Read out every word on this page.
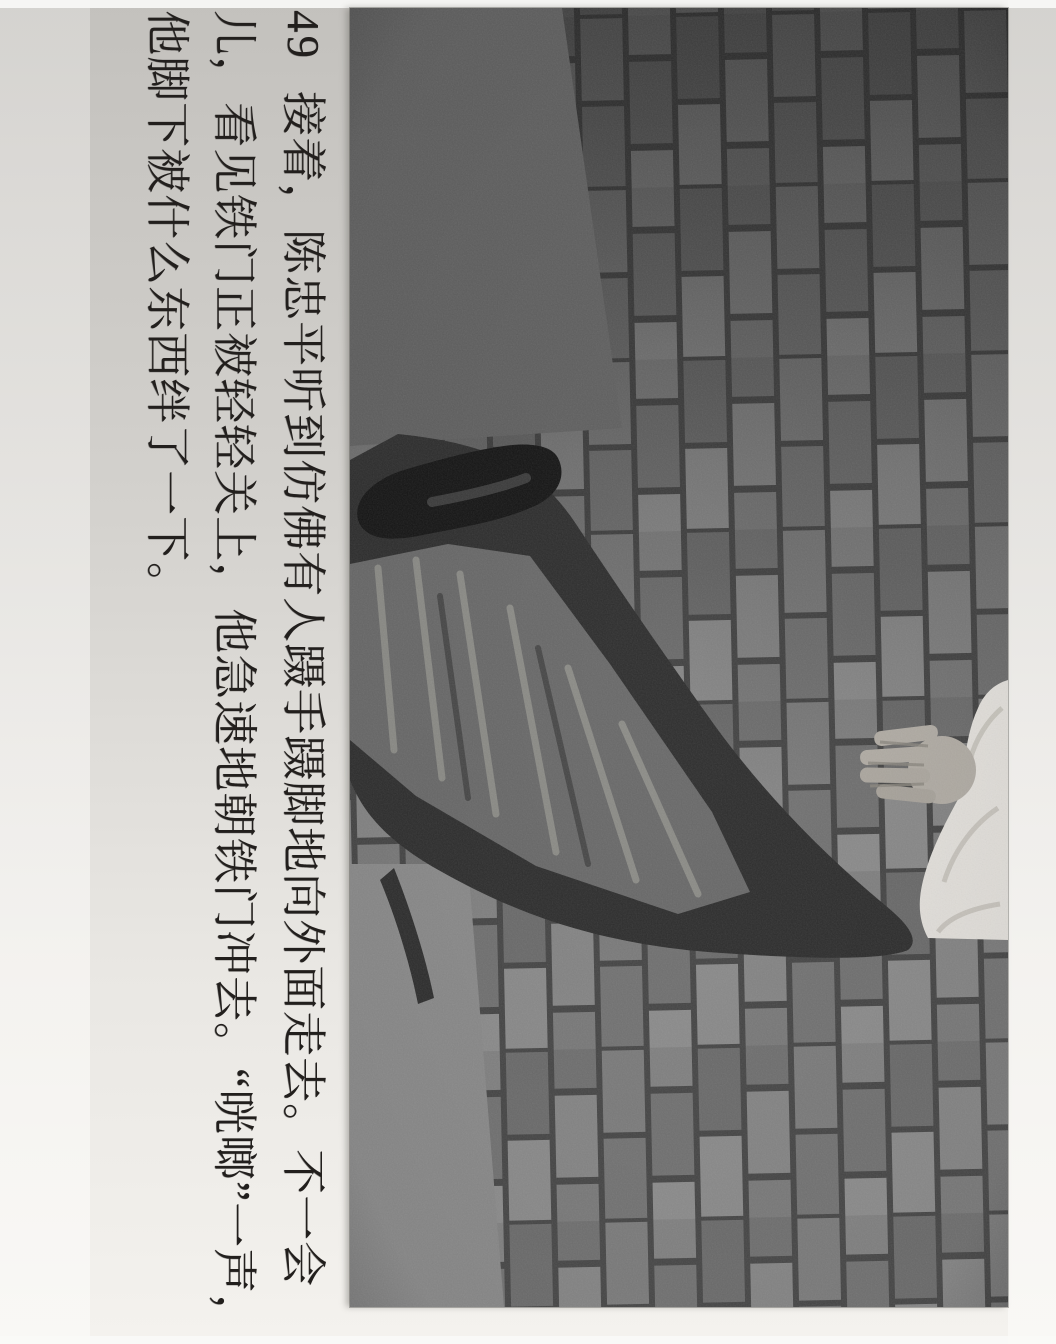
49接着，陈忠平听到仿佛有人蹑手蹑脚地向外面走去。不一会

儿，看见铁门正被轻轻关上，他急速地朝铁门冲去。“咣啷”一声，

他脚下被什么东西绊了一下。
